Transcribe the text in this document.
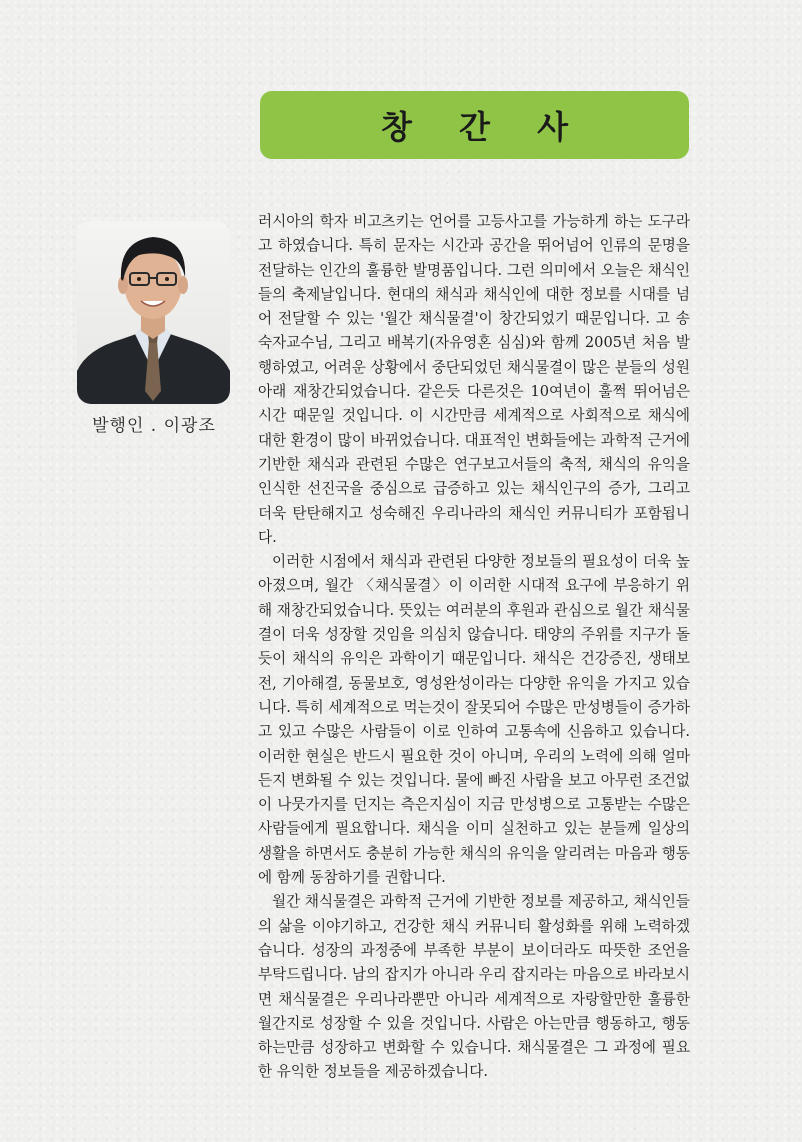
창 간 사
발행인 . 이광조

러시아의 학자 비고츠키는 언어를 고등사고를 가능하게 하는 도구라고 하였습니다. 특히 문자는 시간과 공간을 뛰어넘어 인류의 문명을 전달하는 인간의 훌륭한 발명품입니다. 그런 의미에서 오늘은 채식인들의 축제날입니다. 현대의 채식과 채식인에 대한 정보를 시대를 넘어 전달할 수 있는 '월간 채식물결'이 창간되었기 때문입니다. 고 송숙자교수님, 그리고 배복기(자유영혼 심심)와 함께 2005년 처음 발행하였고, 어려운 상황에서 중단되었던 채식물결이 많은 분들의 성원아래 재창간되었습니다. 같은듯 다른것은 10여년이 훌쩍 뛰어넘은 시간 때문일 것입니다. 이 시간만큼 세계적으로 사회적으로 채식에 대한 환경이 많이 바뀌었습니다. 대표적인 변화들에는 과학적 근거에 기반한 채식과 관련된 수많은 연구보고서들의 축적, 채식의 유익을 인식한 선진국을 중심으로 급증하고 있는 채식인구의 증가, 그리고 더욱 탄탄해지고 성숙해진 우리나라의 채식인 커뮤니티가 포함됩니다.

이러한 시점에서 채식과 관련된 다양한 정보들의 필요성이 더욱 높아졌으며, 월간 〈채식물결〉이 이러한 시대적 요구에 부응하기 위해 재창간되었습니다. 뜻있는 여러분의 후원과 관심으로 월간 채식물결이 더욱 성장할 것임을 의심치 않습니다. 태양의 주위를 지구가 돌듯이 채식의 유익은 과학이기 때문입니다. 채식은 건강증진, 생태보전, 기아해결, 동물보호, 영성완성이라는 다양한 유익을 가지고 있습니다. 특히 세계적으로 먹는것이 잘못되어 수많은 만성병들이 증가하고 있고 수많은 사람들이 이로 인하여 고통속에 신음하고 있습니다. 이러한 현실은 반드시 필요한 것이 아니며, 우리의 노력에 의해 얼마든지 변화될 수 있는 것입니다. 물에 빠진 사람을 보고 아무런 조건없이 나뭇가지를 던지는 측은지심이 지금 만성병으로 고통받는 수많은 사람들에게 필요합니다. 채식을 이미 실천하고 있는 분들께 일상의 생활을 하면서도 충분히 가능한 채식의 유익을 알리려는 마음과 행동에 함께 동참하기를 권합니다.

월간 채식물결은 과학적 근거에 기반한 정보를 제공하고, 채식인들의 삶을 이야기하고, 건강한 채식 커뮤니티 활성화를 위해 노력하겠습니다. 성장의 과정중에 부족한 부분이 보이더라도 따뜻한 조언을 부탁드립니다. 남의 잡지가 아니라 우리 잡지라는 마음으로 바라보시면 채식물결은 우리나라뿐만 아니라 세계적으로 자랑할만한 훌륭한 월간지로 성장할 수 있을 것입니다. 사람은 아는만큼 행동하고, 행동하는만큼 성장하고 변화할 수 있습니다. 채식물결은 그 과정에 필요한 유익한 정보들을 제공하겠습니다.
